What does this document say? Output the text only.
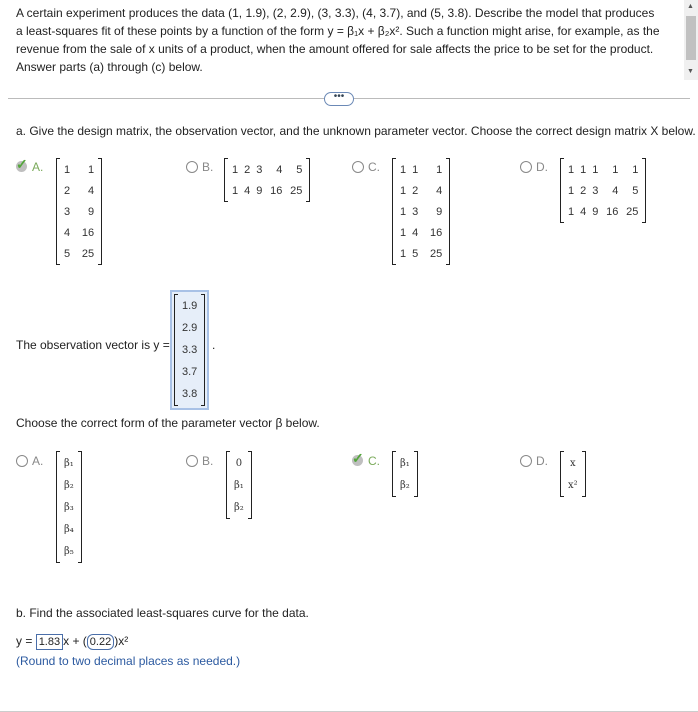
A certain experiment produces the data (1, 1.9), (2, 2.9), (3, 3.3), (4, 3.7), and (5, 3.8). Describe the model that produces a least-squares fit of these points by a function of the form y = β₁x + β₂x². Such a function might arise, for example, as the revenue from the sale of x units of a product, when the amount offered for sale affects the price to be set for the product. Answer parts (a) through (c) below.
▲
▼
•••
a. Give the design matrix, the observation vector, and the unknown parameter vector. Choose the correct design matrix X below.
✓ A. 1	1
2	4
3	9
4	16
5	25
B. 1	2	3	4	5
1	4	9	16	25
C. 1	1	1
1	2	4
1	3	9
1	4	16
1	5	25
D. 1	1	1	1	1
1	2	3	4	5
1	4	9	16	25
The observation vector is y =
1.9
2.9
3.3
3.7
3.8
.
Choose the correct form of the parameter vector β below.
A. β₁
β₂
β₃
β₄
β₅
B. 0
β₁
β₂
✓ C. β₁
β₂
D. x
x²
b. Find the associated least-squares curve for the data.
y = 1.83 x + ( 0.22 )x²
(Round to two decimal places as needed.)
